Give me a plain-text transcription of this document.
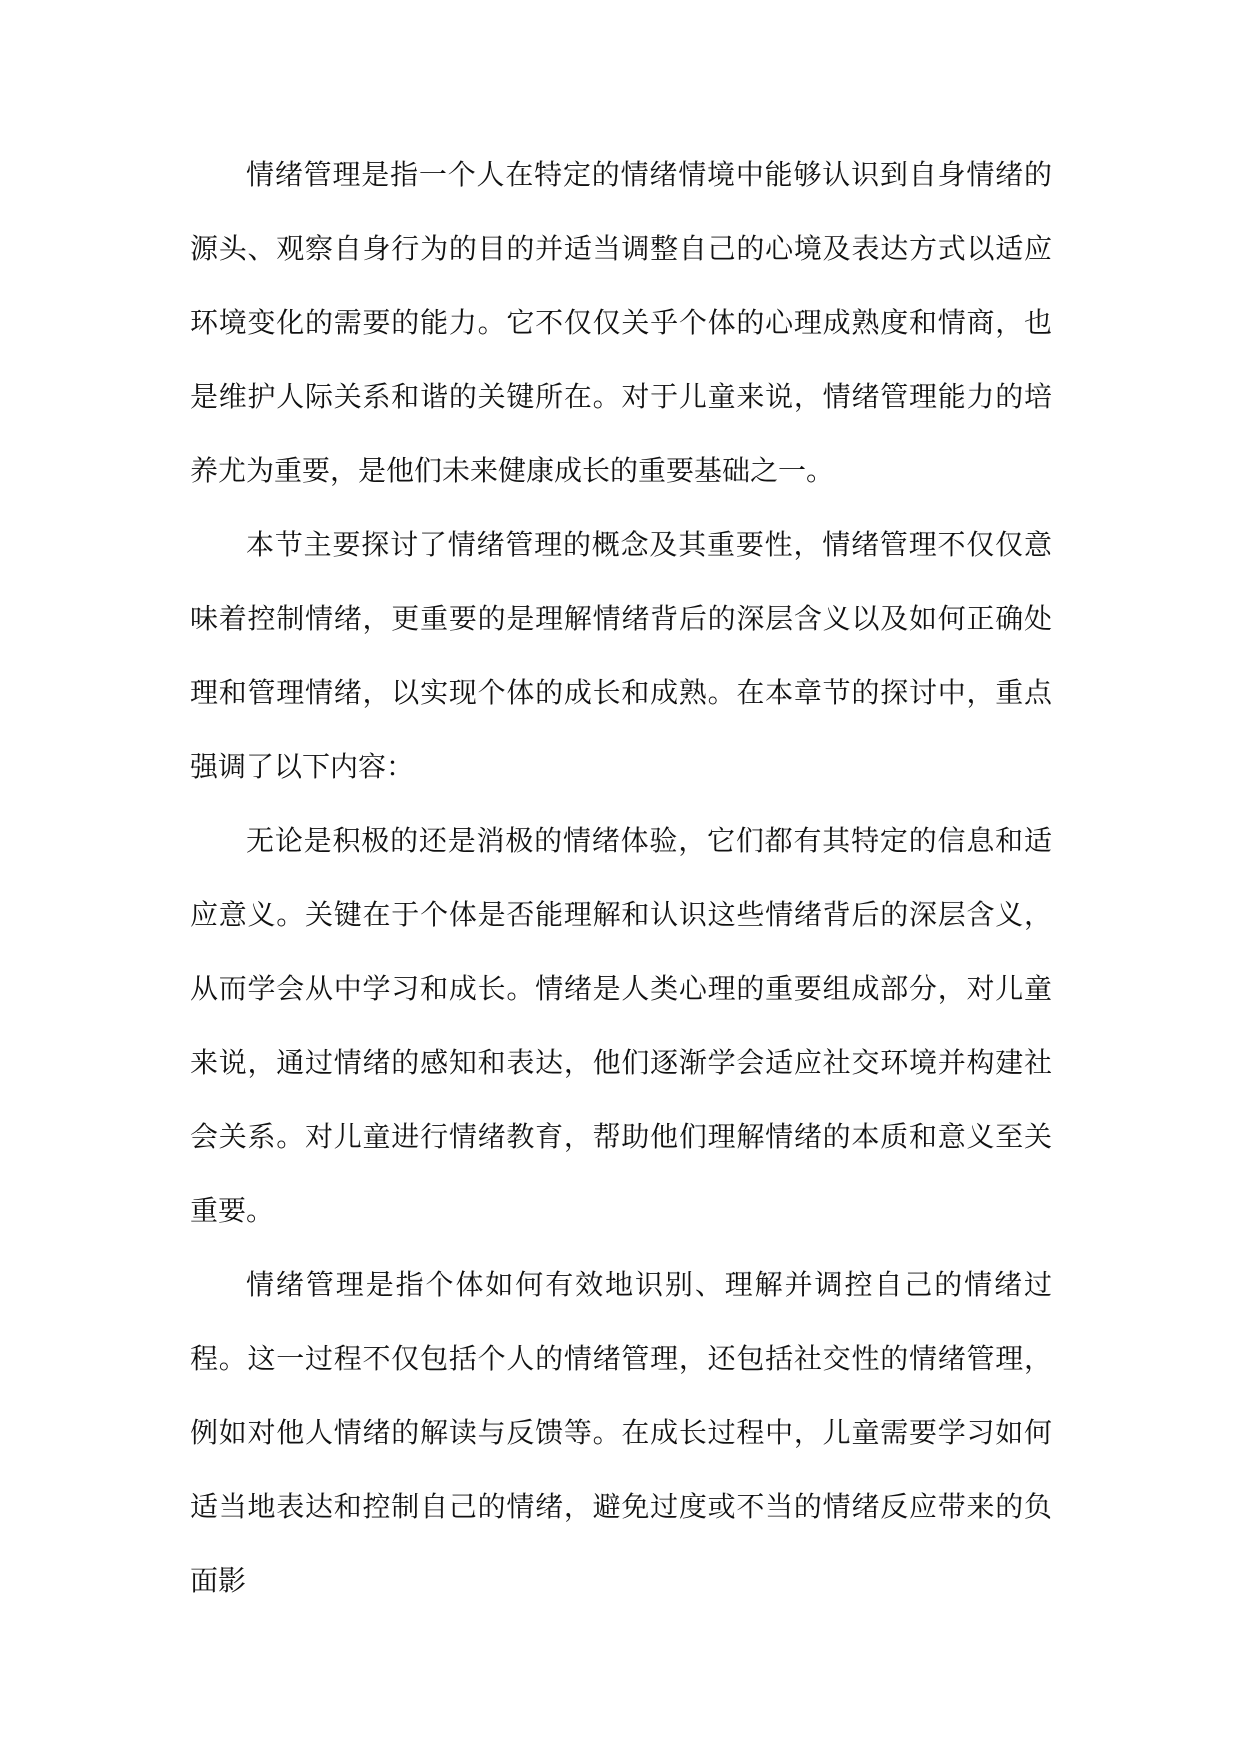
情绪管理是指一个人在特定的情绪情境中能够认识到自身情绪的源头、观察自身行为的目的并适当调整自己的心境及表达方式以适应环境变化的需要的能力。它不仅仅关乎个体的心理成熟度和情商，也是维护人际关系和谐的关键所在。对于儿童来说，情绪管理能力的培养尤为重要，是他们未来健康成长的重要基础之一。

本节主要探讨了情绪管理的概念及其重要性，情绪管理不仅仅意味着控制情绪，更重要的是理解情绪背后的深层含义以及如何正确处理和管理情绪，以实现个体的成长和成熟。在本章节的探讨中，重点强调了以下内容：

无论是积极的还是消极的情绪体验，它们都有其特定的信息和适应意义。关键在于个体是否能理解和认识这些情绪背后的深层含义，从而学会从中学习和成长。情绪是人类心理的重要组成部分，对儿童来说，通过情绪的感知和表达，他们逐渐学会适应社交环境并构建社会关系。对儿童进行情绪教育，帮助他们理解情绪的本质和意义至关重要。

情绪管理是指个体如何有效地识别、理解并调控自己的情绪过程。这一过程不仅包括个人的情绪管理，还包括社交性的情绪管理，例如对他人情绪的解读与反馈等。在成长过程中，儿童需要学习如何适当地表达和控制自己的情绪，避免过度或不当的情绪反应带来的负面影
